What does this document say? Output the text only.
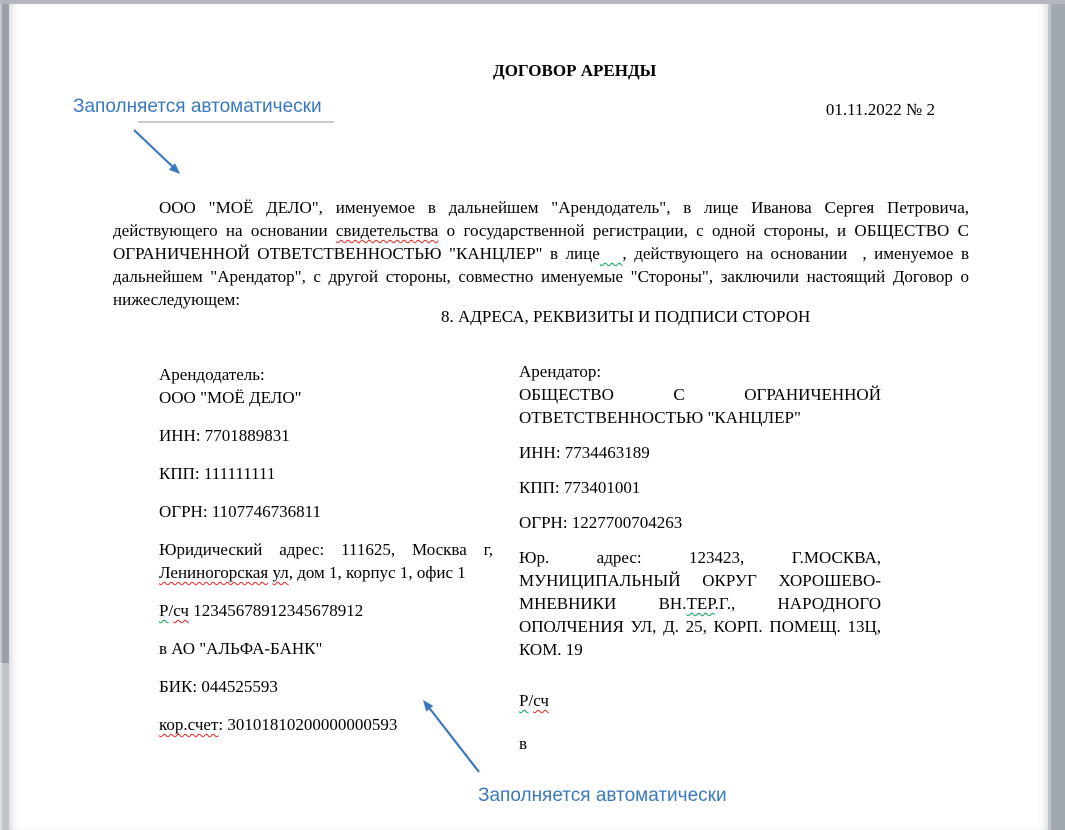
ДОГОВОР АРЕНДЫ
Заполняется автоматически	01.11.2022 № 2

ООО "МОЁ ДЕЛО", именуемое в дальнейшем "Арендодатель", в лице Иванова Сергея Петровича, действующего на основании свидетельства о государственной регистрации, с одной стороны, и ОБЩЕСТВО С ОГРАНИЧЕННОЙ ОТВЕТСТВЕННОСТЬЮ "КАНЦЛЕР" в лице , действующего на основании  , именуемое в дальнейшем "Арендатор", с другой стороны, совместно именуемые "Стороны", заключили настоящий Договор о нижеследующем:

8. АДРЕСА, РЕКВИЗИТЫ И ПОДПИСИ СТОРОН

Арендодатель:
ООО "МОЁ ДЕЛО"

ИНН: 7701889831

КПП: 111111111

ОГРН: 1107746736811

Юридический адрес: 111625, Москва г, Лениногорская ул, дом 1, корпус 1, офис 1

Р/сч 12345678912345678912

в АО "АЛЬФА-БАНК"

БИК: 044525593

кор.счет: 30101810200000000593

Арендатор:
ОБЩЕСТВО С ОГРАНИЧЕННОЙ ОТВЕТСТВЕННОСТЬЮ "КАНЦЛЕР"

ИНН: 7734463189

КПП: 773401001

ОГРН: 1227700704263

Юр. адрес: 123423, Г.МОСКВА, МУНИЦИПАЛЬНЫЙ ОКРУГ ХОРОШЕВО-МНЕВНИКИ ВН.ТЕР.Г., НАРОДНОГО ОПОЛЧЕНИЯ УЛ, Д. 25, КОРП. ПОМЕЩ. 13Ц, КОМ. 19

Р/сч

в

Заполняется автоматически
